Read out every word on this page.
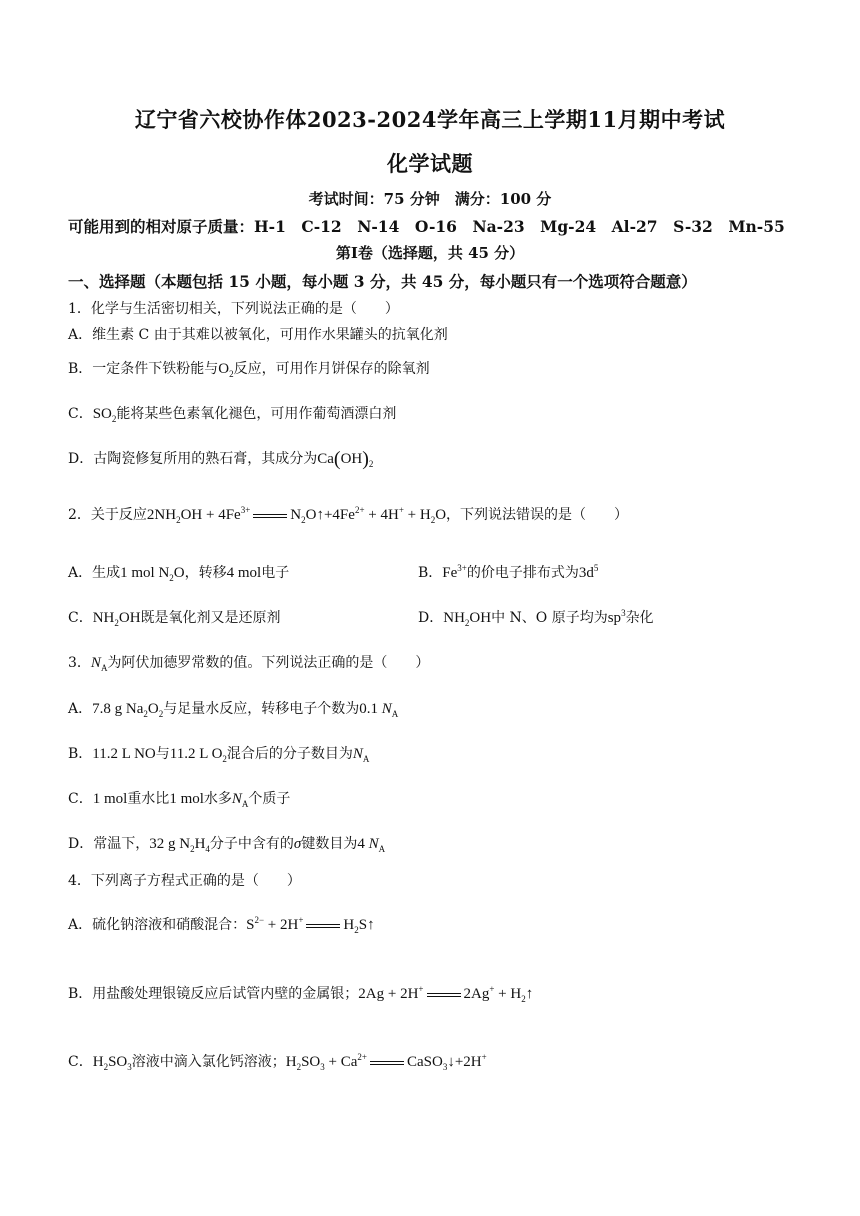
辽宁省六校协作体2023-2024学年高三上学期11月期中考试
化学试题
考试时间：75 分钟　满分：100 分
可能用到的相对原子质量：H-1　C-12　N-14　O-16　Na-23　Mg-24　Al-27　S-32　Mn-55
第Ⅰ卷（选择题，共 45 分）
一、选择题（本题包括 15 小题，每小题 3 分，共 45 分，每小题只有一个选项符合题意）
1．化学与生活密切相关，下列说法正确的是（　　）
A．维生素 C 由于其难以被氧化，可用作水果罐头的抗氧化剂
B．一定条件下铁粉能与$O_2$反应，可用作月饼保存的除氧剂
C．$SO_2$能将某些色素氧化褪色，可用作葡萄酒漂白剂
D．古陶瓷修复所用的熟石膏，其成分为$Ca(OH)_2$
2．关于反应$2NH_2OH + 4Fe^{3+}$	$N_2O↑+4Fe^{2+} + 4H^+ + H_2O$，下列说法错误的是（　　）
A．生成1 mol $N_2O$，转移4 mol电子	B．$Fe^{3+}$的价电子排布式为$3d^5$
C．$NH_2OH$既是氧化剂又是还原剂	D．$NH_2OH$中 N、O 原子均为$sp^3$杂化
3．$N_A$为阿伏加德罗常数的值。下列说法正确的是（　　）
A．7.8 g $Na_2O_2$与足量水反应，转移电子个数为0.1 $N_A$
B．11.2 L NO与11.2 L $O_2$混合后的分子数目为$N_A$
C．1 mol重水比1 mol水多$N_A$个质子
D．常温下，32 g $N_2H_4$分子中含有的σ键数目为4 $N_A$
4．下列离子方程式正确的是（　　）
A．硫化钠溶液和硝酸混合：$S^{2-} + 2H^+$	$H_2S↑$
B．用盐酸处理银镜反应后试管内壁的金属银；2Ag + 2H+	$2Ag^+ + H_2↑$
C．$H_2SO_3$溶液中滴入氯化钙溶液；$H_2SO_3 + Ca^{2+}$	CaSO$_3$↓+2H+
